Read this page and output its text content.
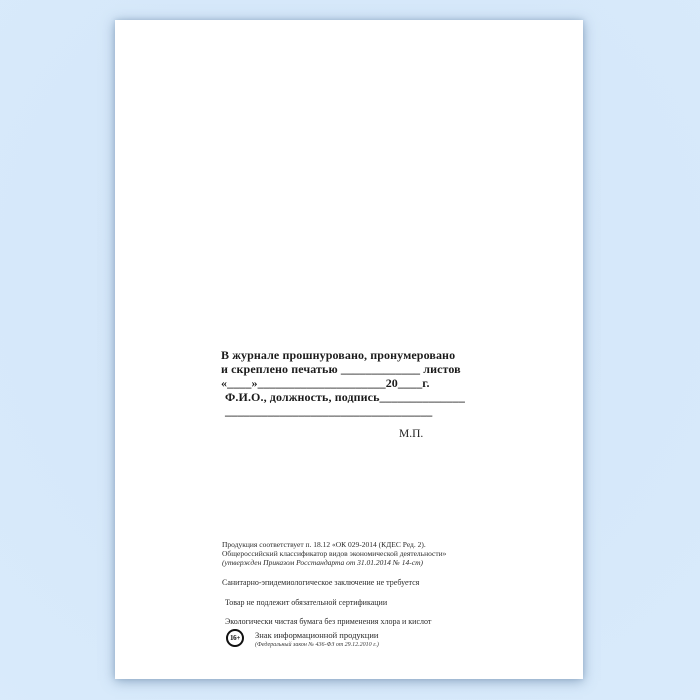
В журнале прошнуровано, пронумеровано
и скреплено печатью _____________ листов
«____»_____________________20____г.
Ф.И.О., должность, подпись______________
__________________________________
М.П.
Продукция соответствует п. 18.12 «ОК 029-2014 (КДЕС Ред. 2).
Общероссийский классификатор видов экономической деятельности»
(утвержден Приказом Росстандарта от 31.01.2014 № 14-ст)
Санитарно-эпидемиологическое заключение не требуется
Товар не подлежит обязательной сертификации
Экологически чистая бумага без применения хлора и кислот
16+	Знак информационной продукции
(Федеральный закон № 436-ФЗ от 29.12.2010 г.)
